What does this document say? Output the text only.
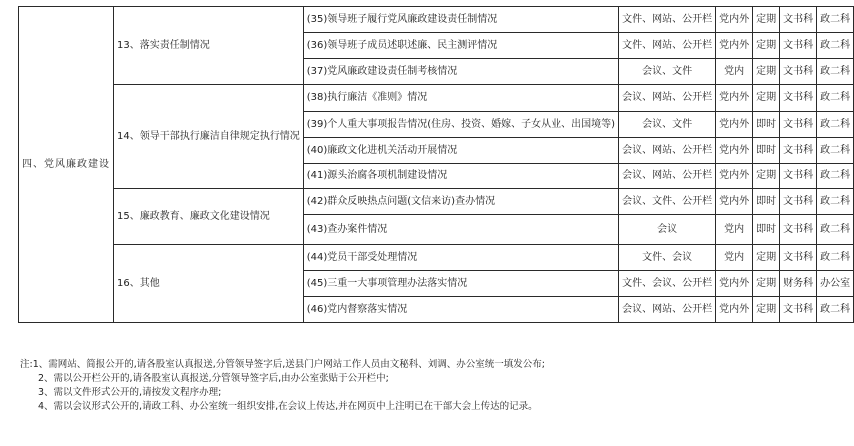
四、党风廉政建设	13、落实责任制情况	(35)领导班子履行党风廉政建设责任制情况	文件、网站、公开栏	党内外	定期	文书科	政二科
		(36)领导班子成员述职述廉、民主测评情况	文件、网站、公开栏	党内外	定期	文书科	政二科
		(37)党风廉政建设责任制考核情况	会议、文件	党内	定期	文书科	政二科
	14、领导干部执行廉洁自律规定执行情况	(38)执行廉洁《准则》情况	会议、网站、公开栏	党内外	定期	文书科	政二科
		(39)个人重大事项报告情况(住房、投资、婚嫁、子女从业、出国境等)	会议、文件	党内外	即时	文书科	政二科
		(40)廉政文化进机关活动开展情况	会议、网站、公开栏	党内外	即时	文书科	政二科
		(41)源头治腐各项机制建设情况	会议、网站、公开栏	党内外	定期	文书科	政二科
	15、廉政教育、廉政文化建设情况	(42)群众反映热点问题(文信来访)查办情况	会议、文件、公开栏	党内外	即时	文书科	政二科
		(43)查办案件情况	会议	党内	即时	文书科	政二科
	16、其他	(44)党员干部受处理情况	文件、会议	党内	定期	文书科	政二科
		(45)三重一大事项管理办法落实情况	文件、会议、公开栏	党内外	定期	财务科	办公室
		(46)党内督察落实情况	会议、网站、公开栏	党内外	定期	文书科	政二科
注:1、需网站、简报公开的,请各股室认真报送,分管领导签字后,送县门户网站工作人员由文秘科、刘调、办公室统一填发公布;
2、需以公开栏公开的,请各股室认真报送,分管领导签字后,由办公室张贴于公开栏中;
3、需以文件形式公开的,请按发文程序办理;
4、需以会议形式公开的,请政工科、办公室统一组织安排,在会议上传达,并在网页中上注明已在干部大会上传达的记录。
